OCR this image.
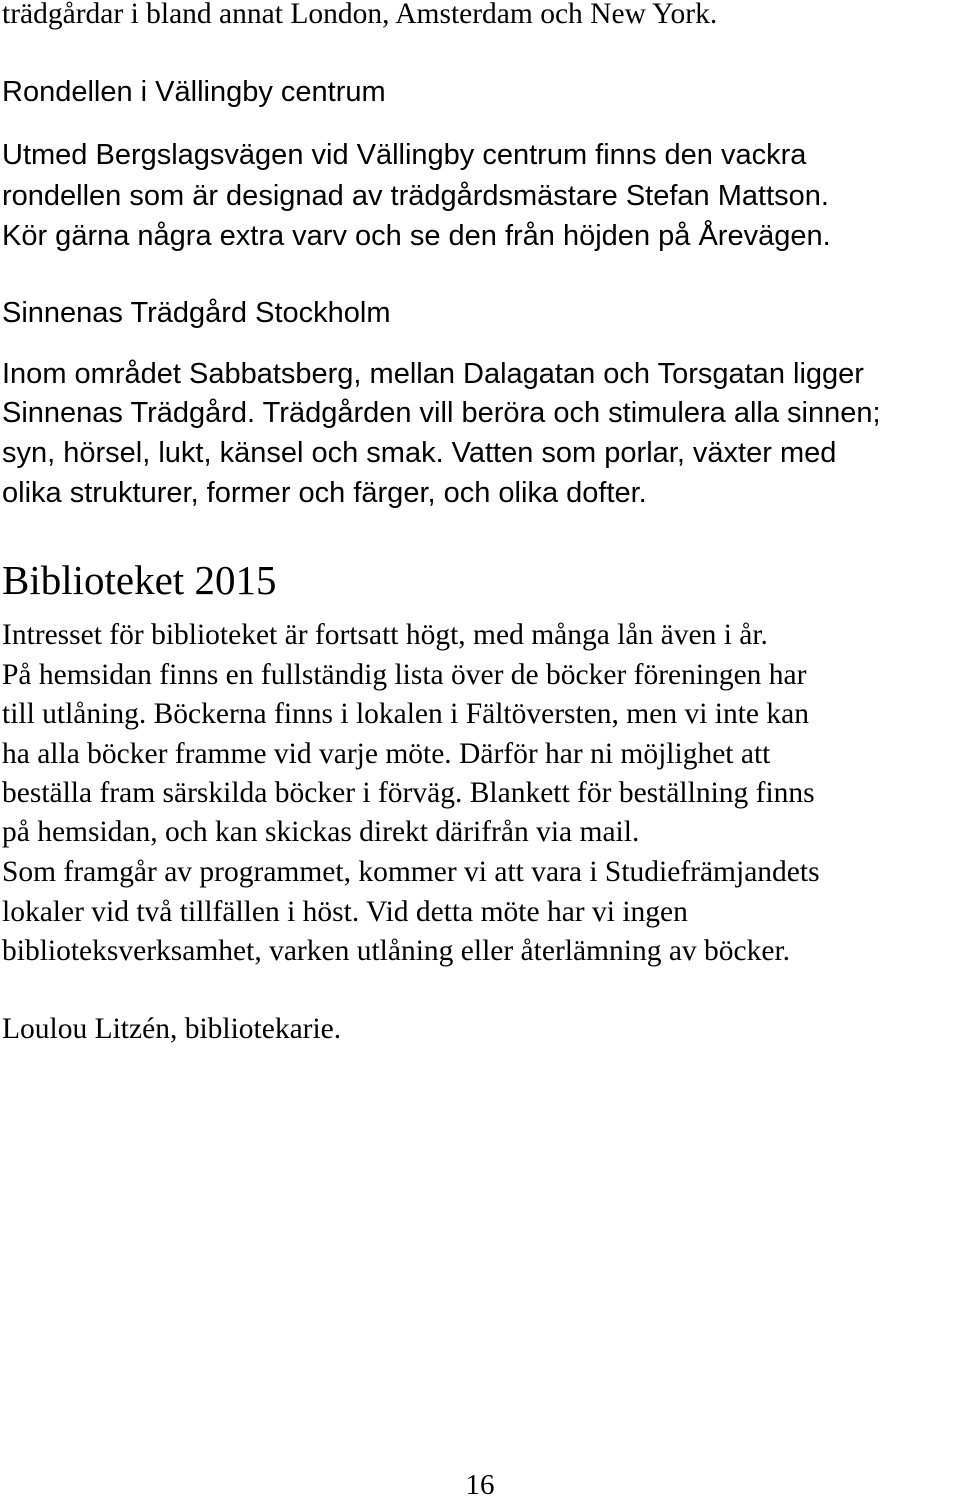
trädgårdar i bland annat London, Amsterdam och New York.

Rondellen i Vällingby centrum

Utmed Bergslagsvägen vid Vällingby centrum finns den vackra

rondellen som är designad av trädgårdsmästare Stefan Mattson.

Kör gärna några extra varv och se den från höjden på Årevägen.

Sinnenas Trädgård Stockholm

Inom området Sabbatsberg, mellan Dalagatan och Torsgatan ligger

Sinnenas Trädgård. Trädgården vill beröra och stimulera alla sinnen;

syn, hörsel, lukt, känsel och smak. Vatten som porlar, växter med

olika strukturer, former och färger, och olika dofter.

Biblioteket 2015

Intresset för biblioteket är fortsatt högt, med många lån även i år.

På hemsidan finns en fullständig lista över de böcker föreningen har

till utlåning. Böckerna finns i lokalen i Fältöversten, men vi inte kan

ha alla böcker framme vid varje möte. Därför har ni möjlighet att

beställa fram särskilda böcker i förväg. Blankett för beställning finns

på hemsidan, och kan skickas direkt därifrån via mail.

Som framgår av programmet, kommer vi att vara i Studiefrämjandets

lokaler vid två tillfällen i höst. Vid detta möte har vi ingen

biblioteksverksamhet, varken utlåning eller återlämning av böcker.

Loulou Litzén, bibliotekarie.

16
